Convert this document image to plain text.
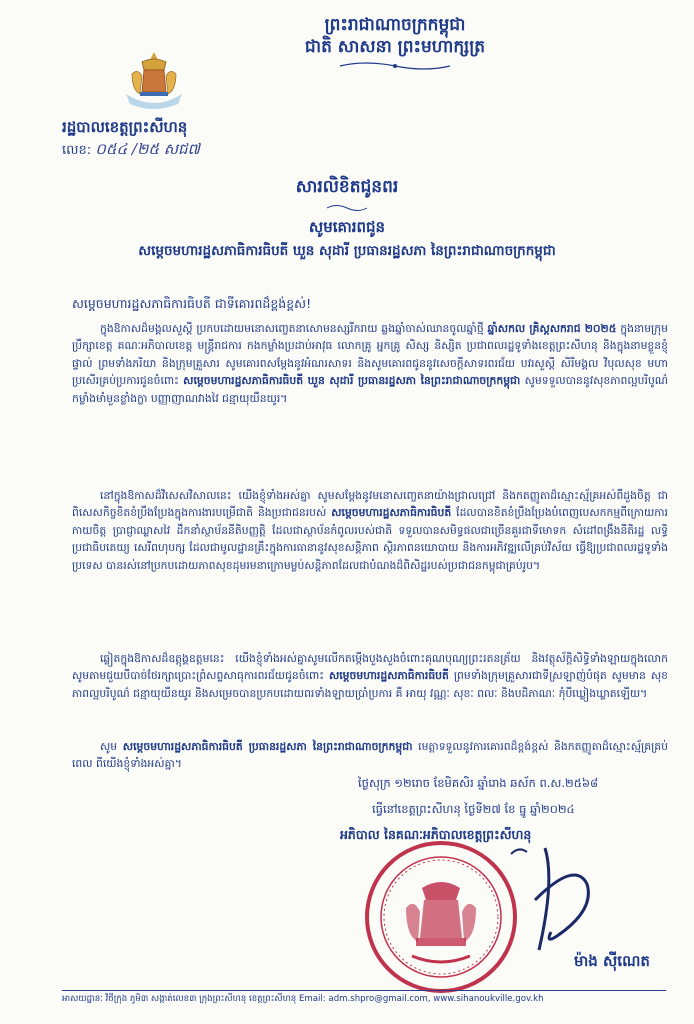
ព្រះរាជាណាចក្រកម្ពុជា
ជាតិ សាសនា ព្រះមហាក្សត្រ
រដ្ឋបាលខេត្តព្រះសីហនុ
លេខ: ០៥៤ /២៥ សជ៧
សារលិខិតជូនពរ
សូមគោរពជូន
សម្តេចមហារដ្ឋសភាធិការធិបតី ឃួន សុដារី ប្រធានរដ្ឋសភា នៃព្រះរាជាណាចក្រកម្ពុជា
សម្តេចមហារដ្ឋសភាធិការធិបតី ជាទីគោរពដ៏ខ្ពង់ខ្ពស់!

ក្នុងឱកាសដ៏មង្គលសួស្តី ប្រកបដោយមនោសញ្ចេតនាសោមនស្សរីករាយ ឆ្លងឆ្នាំចាស់ឈានចូលឆ្នាំថ្មី ឆ្នាំសកល គ្រិស្តសករាជ ២០២៥ ក្នុងនាមក្រុមប្រឹក្សាខេត្ត គណៈអភិបាលខេត្ត មន្ត្រីរាជការ កងកម្លាំងប្រដាប់អាវុធ លោកគ្រូ អ្នកគ្រូ សិស្ស និស្សិត ប្រជាពលរដ្ឋទូទាំងខេត្តព្រះសីហនុ និងក្នុងនាមខ្លួនខ្ញុំផ្ទាល់ ព្រមទាំងភរិយា និងក្រុមគ្រួសារ សូមគោរពសម្តែងនូវអំណរសាទរ និងសូមគោរពជូននូវសេចក្តីសាទរពរជ័យ បវរសួស្តី សិរីមង្គល វិបុលសុខ មហាប្រសើរគ្រប់ប្រការជូនចំពោះ សម្តេចមហារដ្ឋសភាធិការធិបតី ឃួន សុដារី ប្រធានរដ្ឋសភា នៃព្រះរាជាណាចក្រកម្ពុជា សូមទទួលបាននូវសុខភាពល្អបរិបូណ៌ កម្លាំងមាំមួនខ្លាំងក្លា បញ្ញាញាណវាងវៃ ជន្មាយុយឺនយូរ។

នៅក្នុងឱកាសដ៏វិសេសវិសាលនេះ យើងខ្ញុំទាំងអស់គ្នា សូមសម្តែងនូវមនោសញ្ចេតនាយ៉ាងជ្រាលជ្រៅ និងកតញ្ញូតាដ៏ស្មោះស្ម័គ្រអស់ពីដួងចិត្ត ជាពិសេសកិច្ចខិតខំប្រឹងប្រែងក្នុងការងារបម្រើជាតិ និងប្រជាជនរបស់ សម្តេចមហារដ្ឋសភាធិការធិបតី ដែលបានខិតខំប្រឹងប្រែងបំពេញបេសកកម្មពីក្រោយការកាយចិត្ត ប្រាជ្ញាឈ្លាសវៃ ដឹកនាំស្ថាប័ននីតិបញ្ញត្តិ ដែលជាស្ថាប័នកំពូលរបស់ជាតិ ទទួលបានសមិទ្ធផលជាច្រើនគួរជាទីមោទក សំដៅពង្រឹងនីតិរដ្ឋ លទ្ធិប្រជាធិបតេយ្យ សេរីពហុបក្ស ដែលជាមូលដ្ឋានគ្រឹះក្នុងការធានានូវសុខសន្តិភាព ស្ថិរភាពនយោបាយ និងការអភិវឌ្ឍលើគ្រប់វិស័យ ធ្វើឱ្យប្រជាពលរដ្ឋទូទាំងប្រទេស បានរស់នៅប្រកបដោយភាពសុខដុមរមនាក្រោមម្លប់សន្តិភាពដែលជាបំណងដ៏ពិសិដ្ឋរបស់ប្រជាជនកម្ពុជាគ្រប់រូប។

ឆ្លៀតក្នុងឱកាសដ៏ឧត្តុង្គឧត្តមនេះ យើងខ្ញុំទាំងអស់គ្នាសូមលើកតម្កើងបួងសួងចំពោះគុណបុណ្យព្រះរតនត្រ័យ និងវត្ថុស័ក្តិសិទ្ធិទាំងឡាយក្នុងលោក សូមតាមជួយបីបាច់ថែរក្សាប្រោះព្រំសព្ទសាធុការពរជ័យជូនចំពោះ សម្តេចមហារដ្ឋសភាធិការធិបតី ព្រមទាំងក្រុមគ្រួសារជាទីស្រឡាញ់បំផុត សូមមាន សុខភាពល្អបរិបូណ៌ ជន្មាយុយឺនយូរ និងសម្រេចបានប្រកបដោយពរទាំងឡាយប្រាំប្រការ គឺ អាយុ វណ្ណៈ សុខៈ ពលៈ និងបដិភាណៈ កុំបីឃ្លៀងឃ្លាតឡើយ។

សូម សម្តេចមហារដ្ឋសភាធិការធិបតី ប្រធានរដ្ឋសភា នៃព្រះរាជាណាចក្រកម្ពុជា មេត្តាទទួលនូវការគោរពដ៏ខ្ពង់ខ្ពស់ និងកតញ្ញូតាដ៏ស្មោះស្ម័គ្រគ្រប់ពេល ពីយើងខ្ញុំទាំងអស់គ្នា។

ថ្ងៃសុក្រ ១២រោច ខែមិគសិរ ឆ្នាំរោង ឆស័ក ព.ស.២៥៦៨
ធ្វើនៅខេត្តព្រះសីហនុ ថ្ងៃទី២៧ ខែ ធ្នូ ឆ្នាំ២០២៤
អភិបាល នៃគណៈអភិបាលខេត្តព្រះសីហនុ
ម៉ាង ស៊ីណេត
អាសយដ្ឋានៈ វិថីក្រុង ភូមិ៣ សង្កាត់លេខ៣ ក្រុងព្រះសីហនុ ខេត្តព្រះសីហនុ Email: adm.shpro@gmail.com, www.sihanoukville.gov.kh
